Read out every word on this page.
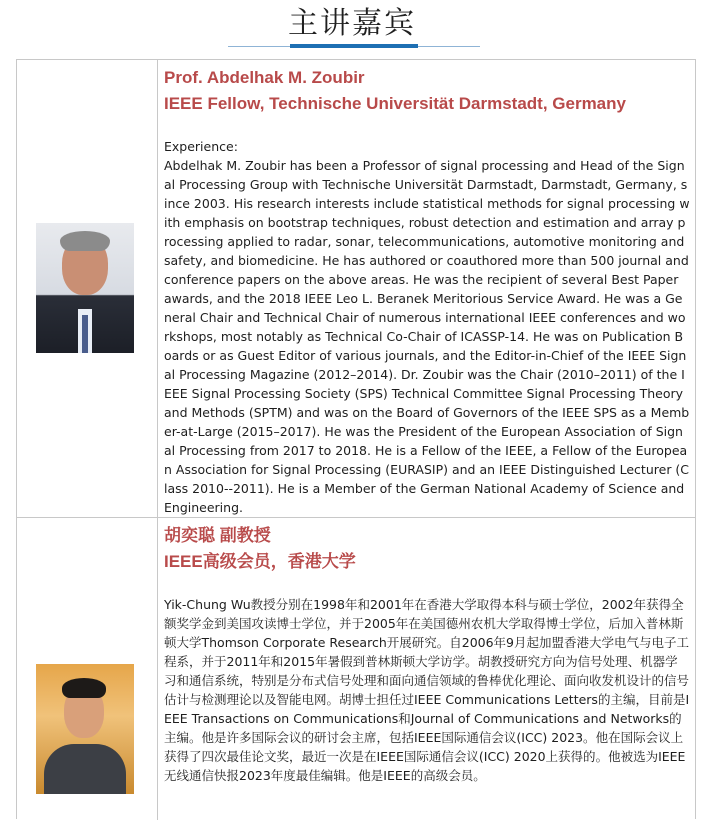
主讲嘉宾

Prof. Abdelhak M. Zoubir

IEEE Fellow, Technische Universität Darmstadt, Germany

Experience:

Abdelhak M. Zoubir has been a Professor of signal processing and Head of the Signal Processing Group with Technische Universität Darmstadt, Darmstadt, Germany, since 2003. His research interests include statistical methods for signal processing with emphasis on bootstrap techniques, robust detection and estimation and array processing applied to radar, sonar, telecommunications, automotive monitoring and safety, and biomedicine. He has authored or coauthored more than 500 journal and conference papers on the above areas. He was the recipient of several Best Paper awards, and the 2018 IEEE Leo L. Beranek Meritorious Service Award. He was a General Chair and Technical Chair of numerous international IEEE conferences and workshops, most notably as Technical Co-Chair of ICASSP-14. He was on Publication Boards or as Guest Editor of various journals, and the Editor-in-Chief of the IEEE Signal Processing Magazine (2012–2014). Dr. Zoubir was the Chair (2010–2011) of the IEEE Signal Processing Society (SPS) Technical Committee Signal Processing Theory and Methods (SPTM) and was on the Board of Governors of the IEEE SPS as a Member-at-Large (2015–2017). He was the President of the European Association of Signal Processing from 2017 to 2018. He is a Fellow of the IEEE, a Fellow of the European Association for Signal Processing (EURASIP) and an IEEE Distinguished Lecturer (Class 2010--2011). He is a Member of the German National Academy of Science and Engineering.

胡奕聪 副教授

IEEE高级会员，香港大学

Yik-Chung Wu教授分别在1998年和2001年在香港大学取得本科与硕士学位，2002年获得全额奖学金到美国攻读博士学位，并于2005年在美国德州农机大学取得博士学位，后加入普林斯顿大学Thomson Corporate Research开展研究。自2006年9月起加盟香港大学电气与电子工程系，并于2011年和2015年暑假到普林斯顿大学访学。胡教授研究方向为信号处理、机器学习和通信系统，特别是分布式信号处理和面向通信领域的鲁棒优化理论、面向收发机设计的信号估计与检测理论以及智能电网。胡博士担任过IEEE Communications Letters的主编，目前是IEEE Transactions on Communications和Journal of Communications and Networks的主编。他是许多国际会议的研讨会主席，包括IEEE国际通信会议(ICC) 2023。他在国际会议上获得了四次最佳论文奖，最近一次是在IEEE国际通信会议(ICC) 2020上获得的。他被选为IEEE无线通信快报2023年度最佳编辑。他是IEEE的高级会员。
